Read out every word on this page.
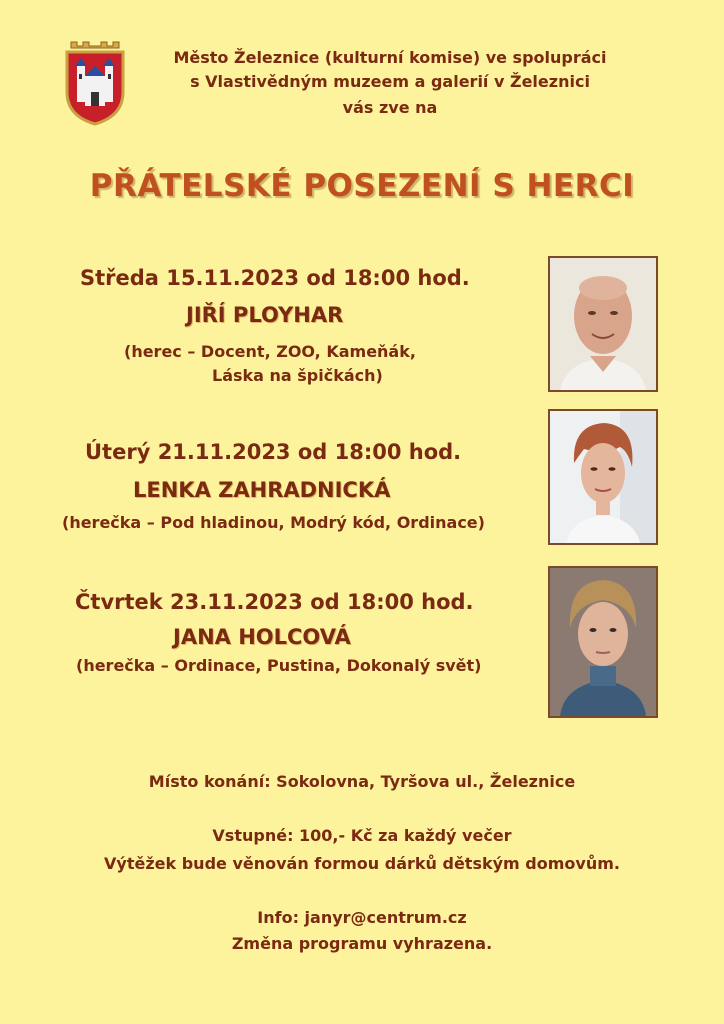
Město Železnice (kulturní komise) ve spolupráci
s Vlastivědným muzeem a galerií v Železnici
vás zve na
PŘÁTELSKÉ POSEZENÍ S HERCI
Středa 15.11.2023 od 18:00 hod.
JIŘÍ PLOYHAR
(herec – Docent, ZOO, Kameňák,
Láska na špičkách)
Úterý 21.11.2023 od 18:00 hod.
LENKA ZAHRADNICKÁ
(herečka – Pod hladinou, Modrý kód, Ordinace)
Čtvrtek 23.11.2023 od 18:00 hod.
JANA HOLCOVÁ
(herečka – Ordinace, Pustina, Dokonalý svět)
Místo konání: Sokolovna, Tyršova ul., Železnice
Vstupné: 100,- Kč za každý večer
Výtěžek bude věnován formou dárků dětským domovům.
Info: janyr@centrum.cz
Změna programu vyhrazena.
